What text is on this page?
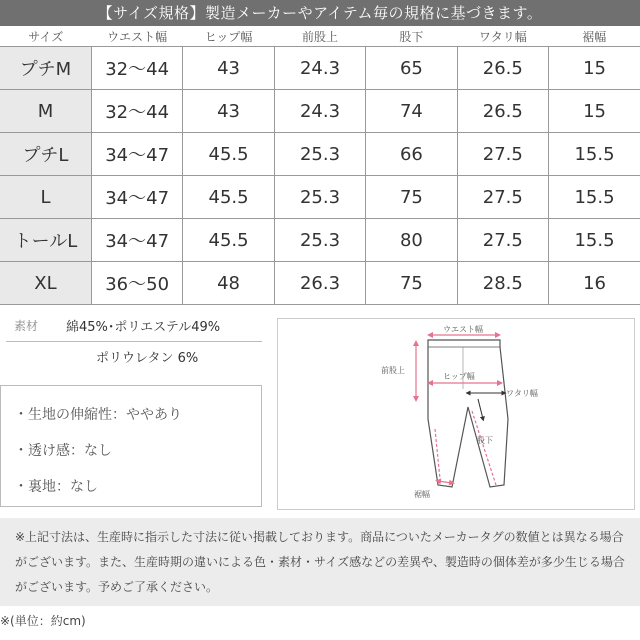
【サイズ規格】製造メーカーやアイテム毎の規格に基づきます。
サイズ	ウエスト幅	ヒップ幅	前股上	股下	ワタリ幅	裾幅
プチM	32～44	43	24.3	65	26.5	15
M	32～44	43	24.3	74	26.5	15
プチL	34～47	45.5	25.3	66	27.5	15.5
L	34～47	45.5	25.3	75	27.5	15.5
トールL	34～47	45.5	25.3	80	27.5	15.5
XL	36～50	48	26.3	75	28.5	16
素材 綿45%･ポリエステル49%
ポリウレタン 6%
・生地の伸縮性：ややあり
・透け感：なし
・裏地：なし
ウエスト幅
前股上
ヒップ幅
ワタリ幅
股下
裾幅
※上記寸法は、生産時に指示した寸法に従い掲載しております。商品についたメーカータグの数値とは異なる場合がございます。また、生産時期の違いによる色・素材・サイズ感などの差異や、製造時の個体差が多少生じる場合がございます。予めご了承ください。
※(単位：約cm)
